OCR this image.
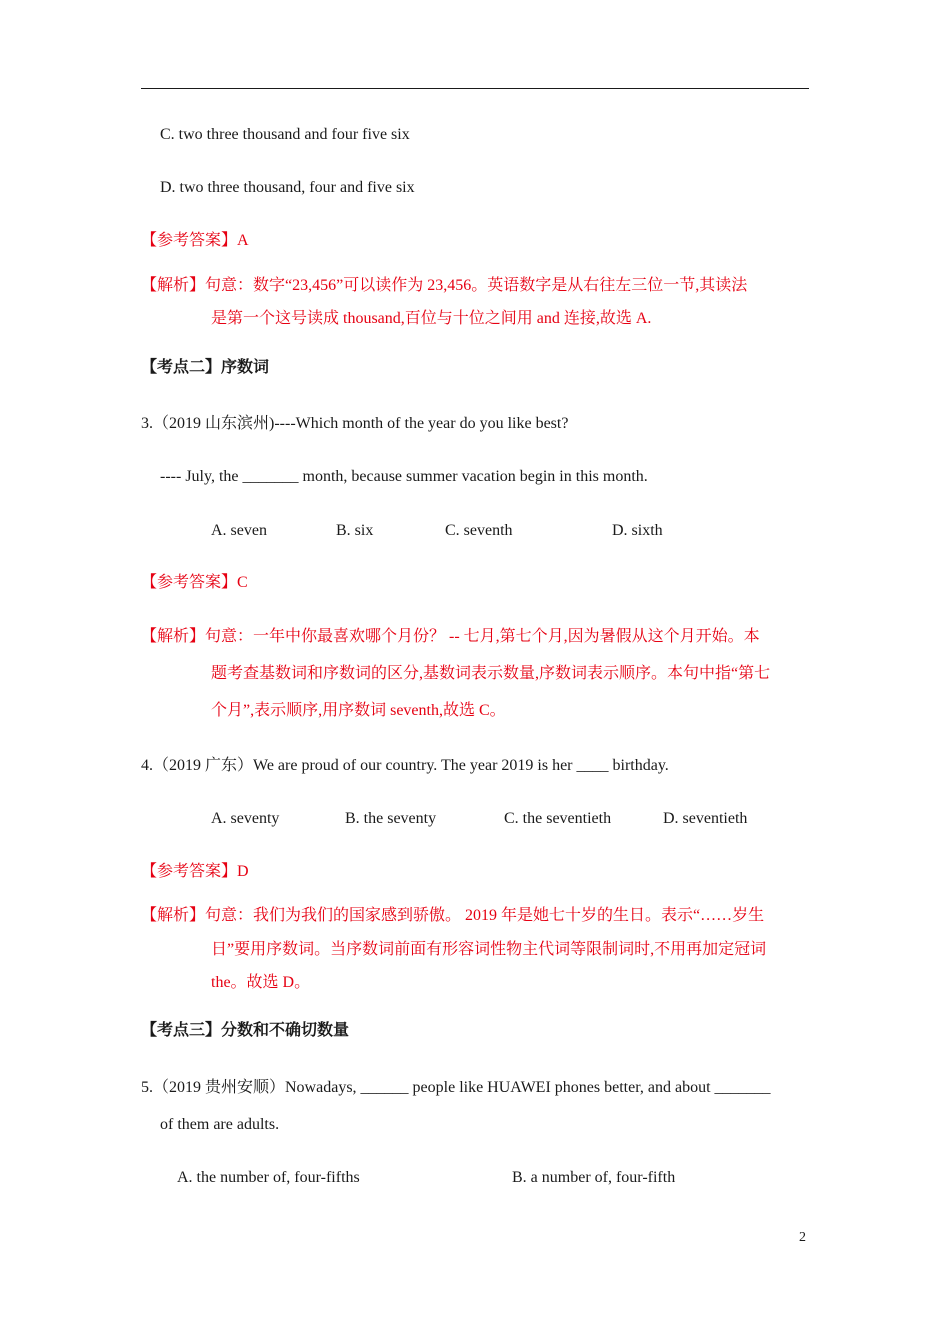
C. two three thousand and four five six
D. two three thousand, four and five six
【参考答案】A
【解析】句意：数字“23,456”可以读作为 23,456。英语数字是从右往左三位一节,其读法
是第一个这号读成 thousand,百位与十位之间用 and 连接,故选 A.
【考点二】序数词
3.（2019 山东滨州)----Which month of the year do you like best?
---- July, the _______ month, because summer vacation begin in this month.
A. seven	B. six	C. seventh	D. sixth
【参考答案】C
【解析】句意：一年中你最喜欢哪个月份？ -- 七月,第七个月,因为暑假从这个月开始。本
题考查基数词和序数词的区分,基数词表示数量,序数词表示顺序。本句中指“第七
个月”,表示顺序,用序数词 seventh,故选 C。
4.（2019 广东）We are proud of our country. The year 2019 is her ____ birthday.
A. seventy	B. the seventy	C. the seventieth	D. seventieth
【参考答案】D
【解析】句意：我们为我们的国家感到骄傲。 2019 年是她七十岁的生日。表示“……岁生
日”要用序数词。当序数词前面有形容词性物主代词等限制词时,不用再加定冠词
the。故选 D。
【考点三】分数和不确切数量
5.（2019 贵州安顺）Nowadays, ______ people like HUAWEI phones better, and about _______
of them are adults.
A. the number of, four-fifths	B. a number of, four-fifth
2
